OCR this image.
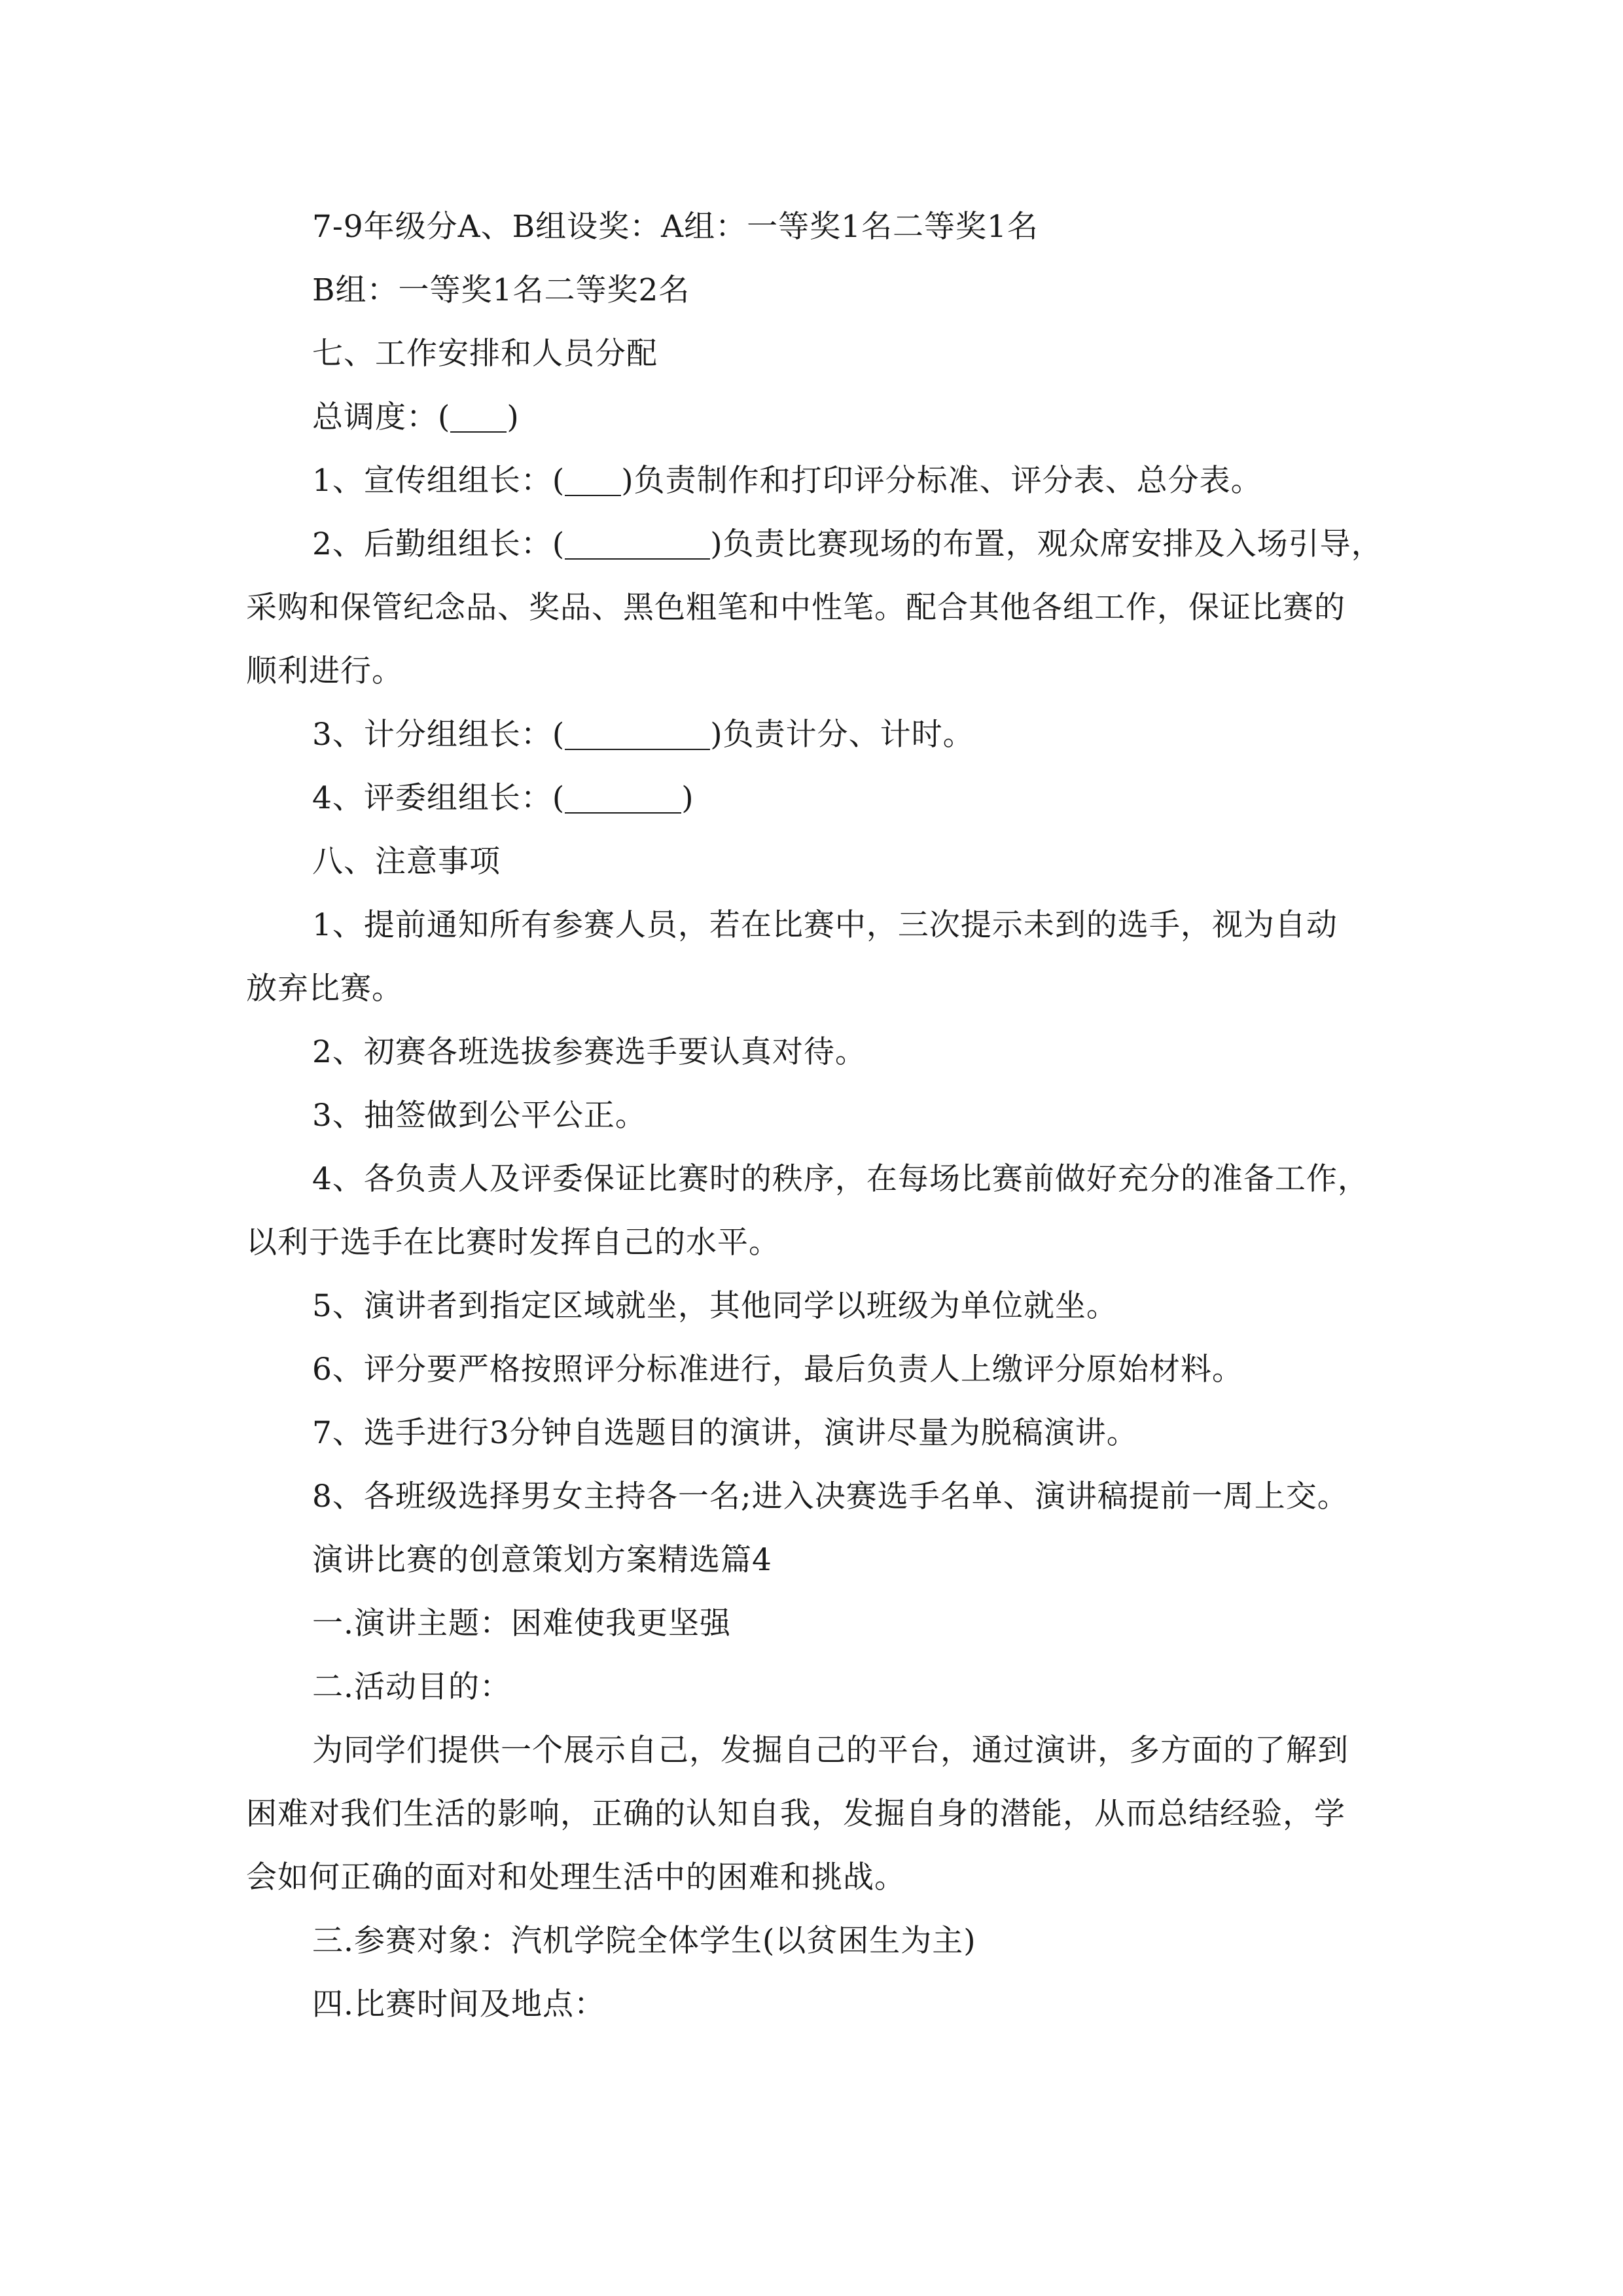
7-9年级分A、B组设奖：A组：一等奖1名二等奖1名
B组：一等奖1名二等奖2名
七、工作安排和人员分配
总调度：( )
1、宣传组组长：( )负责制作和打印评分标准、评分表、总分表。
2、后勤组组长：(	)负责比赛现场的布置，观众席安排及入场引导，
采购和保管纪念品、奖品、黑色粗笔和中性笔。配合其他各组工作，保证比赛的
顺利进行。
3、计分组组长：(	)负责计分、计时。
4、评委组组长：(	)
八、注意事项
1、提前通知所有参赛人员，若在比赛中，三次提示未到的选手，视为自动
放弃比赛。
2、初赛各班选拔参赛选手要认真对待。
3、抽签做到公平公正。
4、各负责人及评委保证比赛时的秩序，在每场比赛前做好充分的准备工作，
以利于选手在比赛时发挥自己的水平。
5、演讲者到指定区域就坐，其他同学以班级为单位就坐。
6、评分要严格按照评分标准进行，最后负责人上缴评分原始材料。
7、选手进行3分钟自选题目的演讲，演讲尽量为脱稿演讲。
8、各班级选择男女主持各一名;进入决赛选手名单、演讲稿提前一周上交。
演讲比赛的创意策划方案精选篇4
一.演讲主题：困难使我更坚强
二.活动目的：
为同学们提供一个展示自己，发掘自己的平台，通过演讲，多方面的了解到
困难对我们生活的影响，正确的认知自我，发掘自身的潜能，从而总结经验，学
会如何正确的面对和处理生活中的困难和挑战。
三.参赛对象：汽机学院全体学生(以贫困生为主)
四.比赛时间及地点：
